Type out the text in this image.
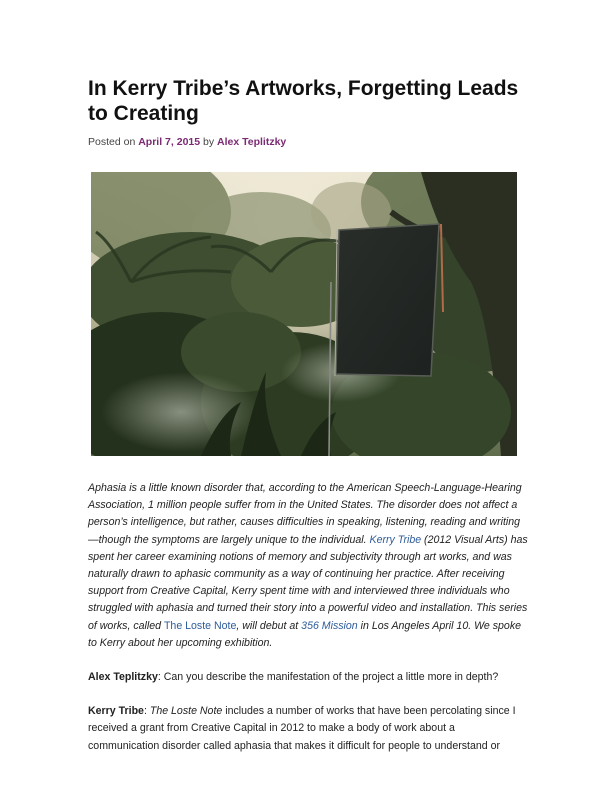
In Kerry Tribe’s Artworks, Forgetting Leads to Creating
Posted on April 7, 2015 by Alex Teplitzky

Aphasia is a little known disorder that, according to the American Speech-Language-Hearing Association, 1 million people suffer from in the United States. The disorder does not affect a person’s intelligence, but rather, causes difficulties in speaking, listening, reading and writing—though the symptoms are largely unique to the individual. Kerry Tribe (2012 Visual Arts) has spent her career examining notions of memory and subjectivity through art works, and was naturally drawn to aphasic community as a way of continuing her practice. After receiving support from Creative Capital, Kerry spent time with and interviewed three individuals who struggled with aphasia and turned their story into a powerful video and installation. This series of works, called The Loste Note, will debut at 356 Mission in Los Angeles April 10. We spoke to Kerry about her upcoming exhibition.

Alex Teplitzky: Can you describe the manifestation of the project a little more in depth?

Kerry Tribe: The Loste Note includes a number of works that have been percolating since I received a grant from Creative Capital in 2012 to make a body of work about a communication disorder called aphasia that makes it difficult for people to understand or
